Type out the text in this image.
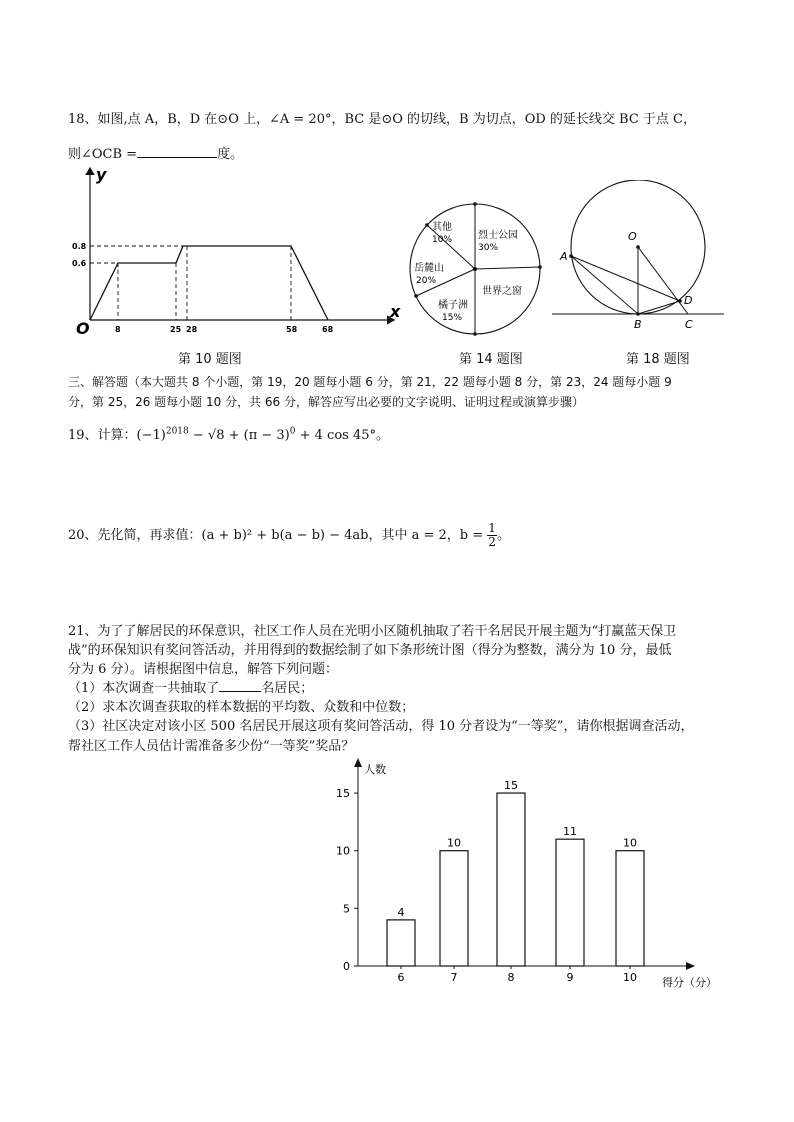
18、如图,点 A，B，D 在⊙O 上，∠A = 20°，BC 是⊙O 的切线，B 为切点，OD 的延长线交 BC 于点 C，
则∠OCB =	度。
y
x
O
0.8
0.6
8	25 28	58	68
其他
10%	烈士公园
30%
岳麓山
20%
世界之窗
橘子洲
15%
O
A
B	C
D
第 10 题图	第 14 题图	第 18 题图
三、解答题（本大题共 8 个小题，第 19，20 题每小题 6 分，第 21，22 题每小题 8 分，第 23，24 题每小题 9
分，第 25，26 题每小题 10 分，共 66 分，解答应写出必要的文字说明、证明过程或演算步骤）
19、计算：$(-1)^{2018} - √8 + (\pi - 3)^0 + 4$ cos 45°。
20、先化简，再求值：(a + b)² + b(a − b) − 4ab，其中 a = 2，$b = \frac{1}{2}$ 。
21、为了了解居民的环保意识，社区工作人员在光明小区随机抽取了若干名居民开展主题为“打赢蓝天保卫
战”的环保知识有奖问答活动，并用得到的数据绘制了如下条形统计图（得分为整数，满分为 10 分，最低
分为 6 分）。请根据图中信息，解答下列问题：
（1）本次调查一共抽取了	名居民；
（2）求本次调查获取的样本数据的平均数、众数和中位数；
（3）社区决定对该小区 500 名居民开展这项有奖问答活动，得 10 分者设为“一等奖”，请你根据调查活动，
帮社区工作人员估计需准备多少份“一等奖”奖品？
人数
得分（分）
0
5
10
15
4
6
10
7
15
8
11
9
10
10
